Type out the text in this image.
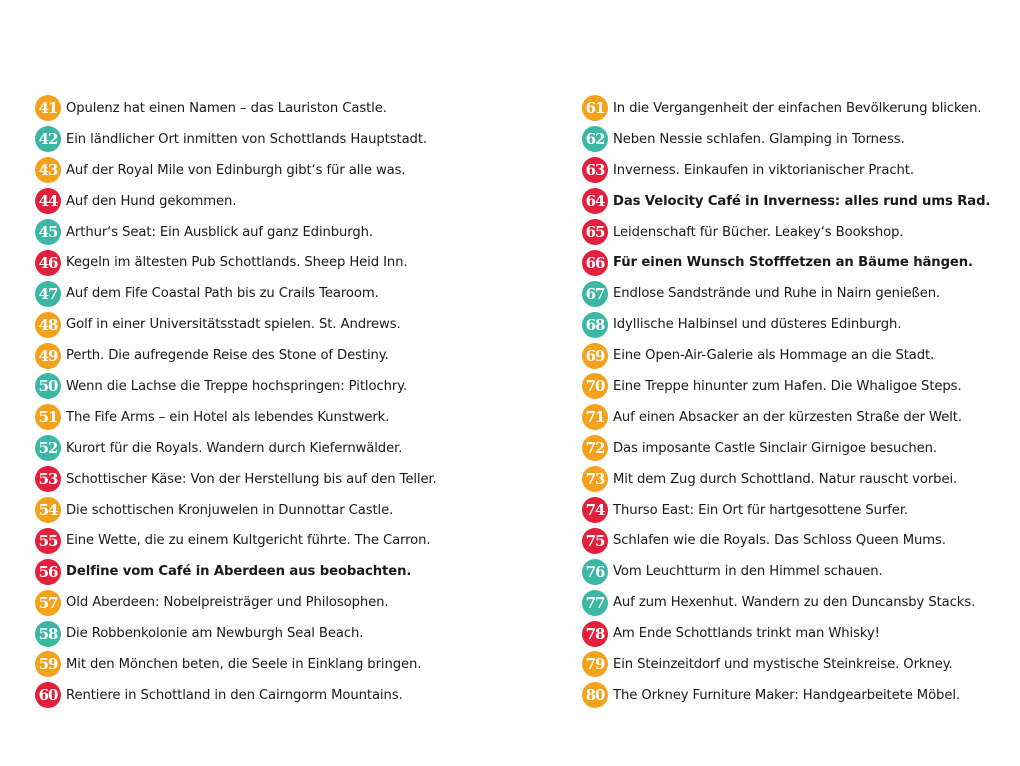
41 Opulenz hat einen Namen – das Lauriston Castle.
42 Ein ländlicher Ort inmitten von Schottlands Hauptstadt.
43 Auf der Royal Mile von Edinburgh gibt‘s für alle was.
44 Auf den Hund gekommen.
45 Arthur‘s Seat: Ein Ausblick auf ganz Edinburgh.
46 Kegeln im ältesten Pub Schottlands. Sheep Heid Inn.
47 Auf dem Fife Coastal Path bis zu Crails Tearoom.
48 Golf in einer Universitätsstadt spielen. St. Andrews.
49 Perth. Die aufregende Reise des Stone of Destiny.
50 Wenn die Lachse die Treppe hochspringen: Pitlochry.
51 The Fife Arms – ein Hotel als lebendes Kunstwerk.
52 Kurort für die Royals. Wandern durch Kiefernwälder.
53 Schottischer Käse: Von der Herstellung bis auf den Teller.
54 Die schottischen Kronjuwelen in Dunnottar Castle.
55 Eine Wette, die zu einem Kultgericht führte. The Carron.
56 Delfine vom Café in Aberdeen aus beobachten.
57 Old Aberdeen: Nobelpreisträger und Philosophen.
58 Die Robbenkolonie am Newburgh Seal Beach.
59 Mit den Mönchen beten, die Seele in Einklang bringen.
60 Rentiere in Schottland in den Cairngorm Mountains.
61 In die Vergangenheit der einfachen Bevölkerung blicken.
62 Neben Nessie schlafen. Glamping in Torness.
63 Inverness. Einkaufen in viktorianischer Pracht.
64 Das Velocity Café in Inverness: alles rund ums Rad.
65 Leidenschaft für Bücher. Leakey‘s Bookshop.
66 Für einen Wunsch Stofffetzen an Bäume hängen.
67 Endlose Sandstrände und Ruhe in Nairn genießen.
68 Idyllische Halbinsel und düsteres Edinburgh.
69 Eine Open-Air-Galerie als Hommage an die Stadt.
70 Eine Treppe hinunter zum Hafen. Die Whaligoe Steps.
71 Auf einen Absacker an der kürzesten Straße der Welt.
72 Das imposante Castle Sinclair Girnigoe besuchen.
73 Mit dem Zug durch Schottland. Natur rauscht vorbei.
74 Thurso East: Ein Ort für hartgesottene Surfer.
75 Schlafen wie die Royals. Das Schloss Queen Mums.
76 Vom Leuchtturm in den Himmel schauen.
77 Auf zum Hexenhut. Wandern zu den Duncansby Stacks.
78 Am Ende Schottlands trinkt man Whisky!
79 Ein Steinzeitdorf und mystische Steinkreise. Orkney.
80 The Orkney Furniture Maker: Handgearbeitete Möbel.
